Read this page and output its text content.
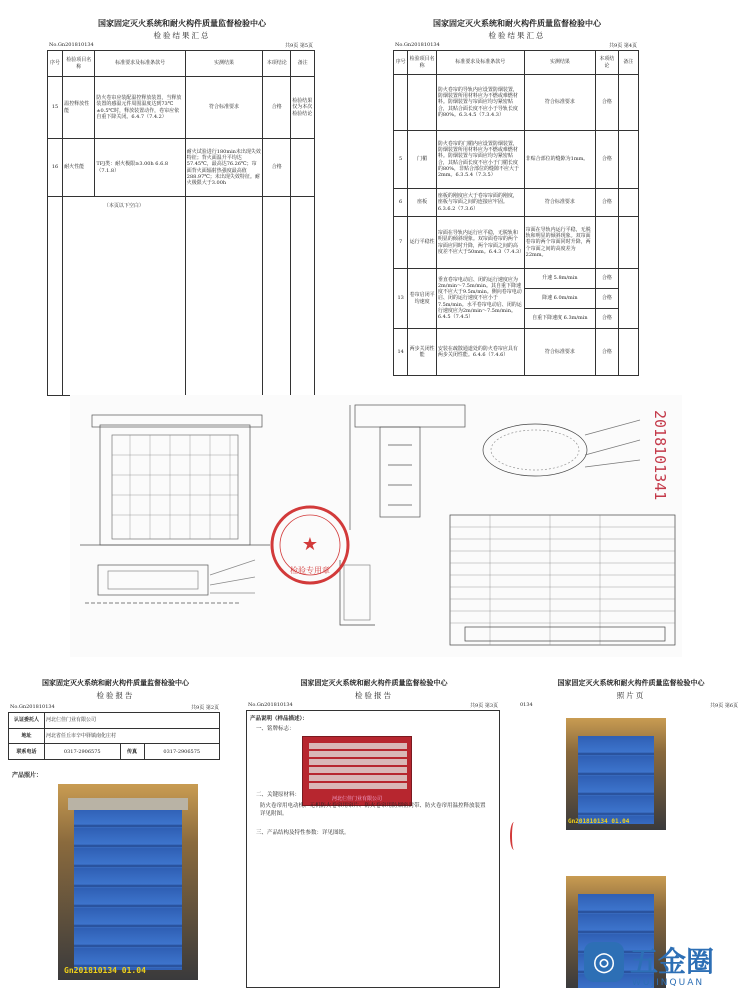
国家固定灭火系统和耐火构件质量监督检验中心
检验结果汇总
No.Gn201810134	共9页 第5页
序号	检验项目名称	标准要求及标准条款号	实测结果	本项结论	备注
15	温控释放性能	防火卷帘应装配温控释放装置，当释放装置的感温元件周围温度达到73℃±0.5℃时，释放装置动作，卷帘应依自重下降关闭。6.4.7（7.4.2）	符合标准要求	合格	检验结果仅为本次检验结论
16	耐火性能	TFJ类：耐火极限≥3.00h 6.6.8（7.1.8）	耐火试验进行180min未出现失效特征；背火面温升平均达57.45℃，最高达76.26℃；帘面背火面辐射热强度最高值288.97℃；未出现失效特征。耐火极限大于3.00h	合格	
	（本页以下空白）				
国家固定灭火系统和耐火构件质量监督检验中心
检验结果汇总
No.Gn201810134	共9页 第4页
序号	检验项目名称	标准要求及标准条款号	实测结果	本项结论	备注
		防火卷帘的导轨内应设置防烟装置，防烟装置所用材料应为不燃或难燃材料。防烟装置与帘面应均匀紧密贴合，其贴合面长度不应小于导轨长度的80%。6.3.4.5（7.3.4.3）	符合标准要求	合格	
5	门楣	防火卷帘的门楣内应设置防烟装置，防烟装置所用材料应为不燃或难燃材料。防烟装置与帘面应均匀紧密贴合，其贴合面长度不应小于门楣长度的80%，非贴合部位的缝隙不应大于2mm。6.3.5.4（7.3.5）	非贴合部位的缝隙为1mm。	合格	
6	座板	座板的刚度应大于卷帘帘面的刚度，座板与帘面之间的连接应牢固。6.3.6.2（7.3.6）	符合标准要求	合格	
7	运行平稳性	帘面在导轨内运行应平稳，无脱轨和明显的倾斜现象。双帘面卷帘的两个帘面应同时升降，两个帘面之间的高度差不应大于50mm。6.4.3（7.4.3）	帘面在导轨内运行平稳，无脱轨和明显的倾斜现象。双帘面卷帘的两个帘面同时升降，两个帘面之间的高度差为22mm。		
13	卷帘启闭平均速度	垂直卷帘电动启、闭的运行速度应为2m/min～7.5m/min。其自重下降速度不应大于9.5m/min。侧向卷帘电动启、闭的运行速度不应小于7.5m/min。水平卷帘电动启、闭的运行速度应为2m/min～7.5m/min。6.4.5（7.4.5）	升速 5.8m/min	合格	
			降速 6.0m/min	合格	
			自重下降速度 6.3m/min	合格	
14	两步关闭性能	安装在疏散通道处的防火卷帘应具有两步关闭性能。6.4.6（7.4.6）	符合标准要求	合格	
★
检验专用章
2018101341
国家固定灭火系统和耐火构件质量监督检验中心
检验报告
No.Gn201810134	共9页 第2页
认证委托人	河北仨佳门业有限公司		
地址	河北省任丘市辛中驿镇南化庄村		
联系电话	0317-2906575	传真	0317-2906575
产品照片：
Gn201810134 01.04
国家固定灭火系统和耐火构件质量监督检验中心
检验报告
No.Gn201810134	共9页 第3页
产品说明（样品描述）：
一、铭牌标志：
河北仨佳门业有限公司
二、关键原材料：
防火卷帘用电动机、无机防火卷帘用帘片、防火卷帘用防烟密封带、防火卷帘用温控释放装置详见附图。
三、产品结构及特性参数：详见图纸。
国家固定灭火系统和耐火构件质量监督检验中心
照片页
0134	共9页 第6页
Gn201810134 01.04
◎ 五金圈
WUJINQUAN
